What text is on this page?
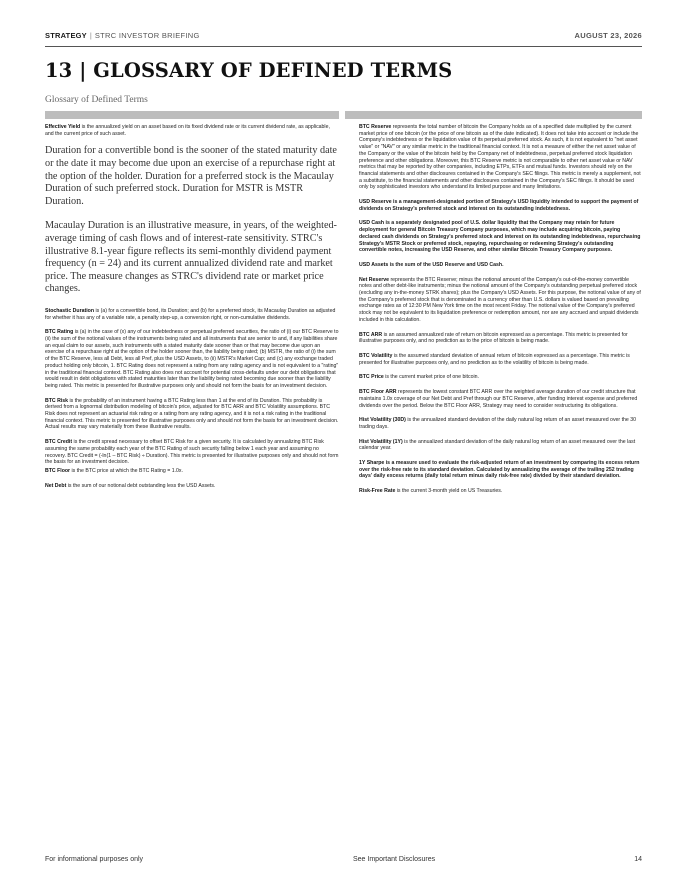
STRATEGY | STRC INVESTOR BRIEFING	AUGUST 23, 2026
13 | GLOSSARY OF DEFINED TERMS
Glossary of Defined Terms

Effective Yield is the annualized yield on an asset based on its fixed dividend rate or its current dividend rate, as applicable, and the current price of such asset.

Duration for a convertible bond is the sooner of the stated maturity date or the date it may become due upon an exercise of a repurchase right at the option of the holder. Duration for a preferred stock is the Macaulay Duration of such preferred stock. Duration for MSTR is MSTR Duration.

Macaulay Duration is an illustrative measure, in years, of the weighted-average timing of cash flows and of interest-rate sensitivity. STRC's illustrative 8.1-year figure reflects its semi-monthly dividend payment frequency (n = 24) and its current annualized dividend rate and market price. The measure changes as STRC's dividend rate or market price changes.

Stochastic Duration is (a) for a convertible bond, its Duration; and (b) for a preferred stock, its Macaulay Duration as adjusted for whether it has any of a variable rate, a penalty step-up, a conversion right, or non-cumulative dividends.

BTC Rating is (a) in the case of (x) any of our indebtedness or perpetual preferred securities, the ratio of (i) our BTC Reserve to (ii) the sum of the notional values of the instruments being rated and all instruments that are senior to and, if any liabilities share an equal claim to our assets, such instruments with a stated maturity date sooner than or that may become due upon an exercise of a repurchase right at the option of the holder sooner than, the liability being rated; (b) MSTR, the ratio of (i) the sum of the BTC Reserve, less all Debt, less all Pref, plus the USD Assets, to (ii) MSTR's Market Cap; and (c) any exchange traded product holding only bitcoin, 1. BTC Rating does not represent a rating from any rating agency and is not equivalent to a "rating" in the traditional financial context. BTC Rating also does not account for potential cross-defaults under our debt obligations that would result in debt obligations with stated maturities later than the liability being rated becoming due sooner than the liability being rated. This metric is presented for illustrative purposes only and should not form the basis for an investment decision.

BTC Risk is the probability of an instrument having a BTC Rating less than 1 at the end of its Duration. This probability is derived from a lognormal distribution modeling of bitcoin's price, adjusted for BTC ARR and BTC Volatility assumptions. BTC Risk does not represent an actuarial risk rating or a rating from any rating agency, and it is not a risk rating in the traditional financial context. This metric is presented for illustrative purposes only and should not form the basis for an investment decision. Actual results may vary materially from these illustrative results.

BTC Credit is the credit spread necessary to offset BTC Risk for a given security. It is calculated by annualizing BTC Risk assuming the same probability each year of the BTC Rating of such security falling below 1 each year and assuming no recovery. BTC Credit = (-ln(1 – BTC Risk) ÷ Duration). This metric is presented for illustrative purposes only and should not form the basis for an investment decision.

BTC Floor is the BTC price at which the BTC Rating = 1.0x.

Net Debt is the sum of our notional debt outstanding less the USD Assets.

BTC Reserve represents the total number of bitcoin the Company holds as of a specified date multiplied by the current market price of one bitcoin (or the price of one bitcoin as of the date indicated). It does not take into account or include the Company's indebtedness or the liquidation value of its perpetual preferred stock. As such, it is not equivalent to "net asset value" or "NAV" or any similar metric in the traditional financial context. It is not a measure of either the net asset value of the Company or the value of the bitcoin held by the Company net of indebtedness, perpetual preferred stock liquidation preference and other obligations. Moreover, this BTC Reserve metric is not comparable to other net asset value or NAV metrics that may be reported by other companies, including ETPs, ETFs and mutual funds. Investors should rely on the financial statements and other disclosures contained in the Company's SEC filings. This metric is merely a supplement, not a substitute, to the financial statements and other disclosures contained in the Company's SEC filings. It should be used only by sophisticated investors who understand its limited purpose and many limitations.

USD Reserve is a management-designated portion of Strategy's USD liquidity intended to support the payment of dividends on Strategy's preferred stock and interest on its outstanding indebtedness.

USD Cash is a separately designated pool of U.S. dollar liquidity that the Company may retain for future deployment for general Bitcoin Treasury Company purposes, which may include acquiring bitcoin, paying declared cash dividends on Strategy's preferred stock and interest on its outstanding indebtedness, repurchasing Strategy's MSTR Stock or preferred stock, repaying, repurchasing or redeeming Strategy's outstanding convertible notes, increasing the USD Reserve, and other similar Bitcoin Treasury Company purposes.

USD Assets is the sum of the USD Reserve and USD Cash.

Net Reserve represents the BTC Reserve; minus the notional amount of the Company's out-of-the-money convertible notes and other debt-like instruments; minus the notional amount of the Company's outstanding perpetual preferred stock (excluding any in-the-money STRK shares); plus the Company's USD Assets. For this purpose, the notional value of any of the Company's preferred stock that is denominated in a currency other than U.S. dollars is valued based on prevailing exchange rates as of 12:30 PM New York time on the most recent Friday. The notional value of the Company's preferred stock may not be equivalent to its liquidation preference or redemption amount, nor are any accrued and unpaid dividends included in this calculation.

BTC ARR is an assumed annualized rate of return on bitcoin expressed as a percentage. This metric is presented for illustrative purposes only, and no prediction as to the price of bitcoin is being made.

BTC Volatility is the assumed standard deviation of annual return of bitcoin expressed as a percentage. This metric is presented for illustrative purposes only, and no prediction as to the volatility of bitcoin is being made.

BTC Price is the current market price of one bitcoin.

BTC Floor ARR represents the lowest constant BTC ARR over the weighted average duration of our credit structure that maintains 1.0x coverage of our Net Debt and Pref through our BTC Reserve, after funding interest expense and preferred dividends over the period. Below the BTC Floor ARR, Strategy may need to consider restructuring its obligations.

Hist Volatility (30D) is the annualized standard deviation of the daily natural log return of an asset measured over the 30 trading days.

Hist Volatility (1Y) is the annualized standard deviation of the daily natural log return of an asset measured over the last calendar year.

1Y Sharpe is a measure used to evaluate the risk-adjusted return of an investment by comparing its excess return over the risk-free rate to its standard deviation. Calculated by annualizing the average of the trailing 252 trading days' daily excess returns (daily total return minus daily risk-free rate) divided by their standard deviation.

Risk-Free Rate is the current 3-month yield on US Treasuries.

For informational purposes only	See Important Disclosures	14
